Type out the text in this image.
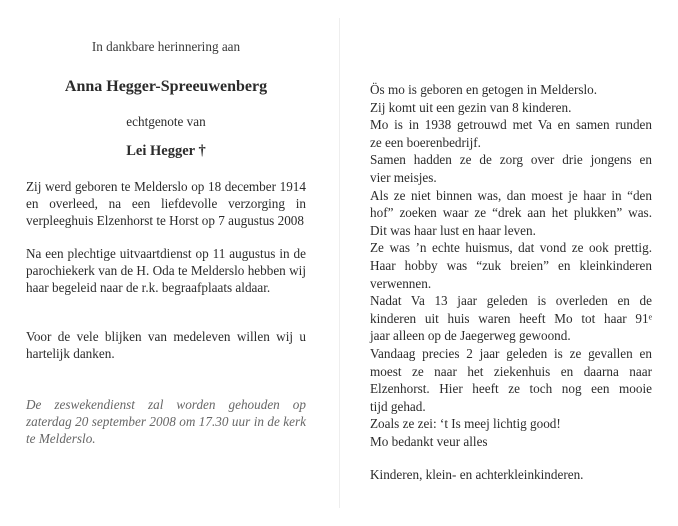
In dankbare herinnering aan
Anna Hegger-Spreeuwenberg
echtgenote van
Lei Hegger †

Zij werd geboren te Melderslo op 18 december 1914 en overleed, na een liefdevolle verzorging in verpleeghuis Elzenhorst te Horst op 7 augustus 2008

Na een plechtige uitvaartdienst op 11 augustus in de parochiekerk van de H. Oda te Melderslo hebben wij haar begeleid naar de r.k. begraafplaats aldaar.

Voor de vele blijken van medeleven willen wij u hartelijk danken.

De zeswekendienst zal worden gehouden op zaterdag 20 september 2008 om 17.30 uur in de kerk te Melderslo.

Ös mo is geboren en getogen in Melderslo.
Zij komt uit een gezin van 8 kinderen.
Mo is in 1938 getrouwd met Va en samen runden
ze een boerenbedrijf.
Samen hadden ze de zorg over drie jongens en
vier meisjes.
Als ze niet binnen was, dan moest je haar in “den
hof” zoeken waar ze “drek aan het plukken” was.
Dit was haar lust en haar leven.
Ze was ’n echte huismus, dat vond ze ook prettig.
Haar hobby was “zuk breien” en kleinkinderen
verwennen.
Nadat Va 13 jaar geleden is overleden en de
kinderen uit huis waren heeft Mo tot haar 91ᵉ
jaar alleen op de Jaegerweg gewoond.
Vandaag precies 2 jaar geleden is ze gevallen en
moest ze naar het ziekenhuis en daarna naar
Elzenhorst. Hier heeft ze toch nog een mooie
tijd gehad.
Zoals ze zei: ‘t Is meej lichtig good!
Mo bedankt veur alles
Kinderen, klein- en achterkleinkinderen.
